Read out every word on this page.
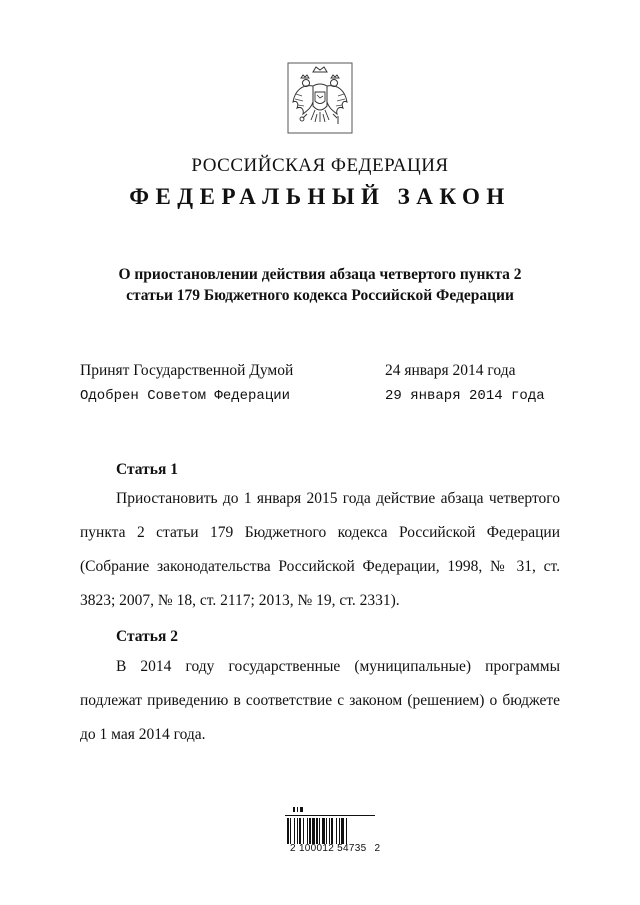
РОССИЙСКАЯ ФЕДЕРАЦИЯ
ФЕДЕРАЛЬНЫЙ ЗАКОН
О приостановлении действия абзаца четвертого пункта 2
статьи 179 Бюджетного кодекса Российской Федерации
Принят Государственной Думой	24 января 2014 года
Одобрен Советом Федерации	29 января 2014 года
Статья 1
Приостановить до 1 января 2015 года действие абзаца четвертого пункта 2 статьи 179 Бюджетного кодекса Российской Федерации (Собрание законодательства Российской Федерации, 1998, № 31, ст. 3823; 2007, № 18, ст. 2117; 2013, № 19, ст. 2331).
Статья 2
В 2014 году государственные (муниципальные) программы подлежат приведению в соответствие с законом (решением) о бюджете до 1 мая 2014 года.
2 100012 54735 2
